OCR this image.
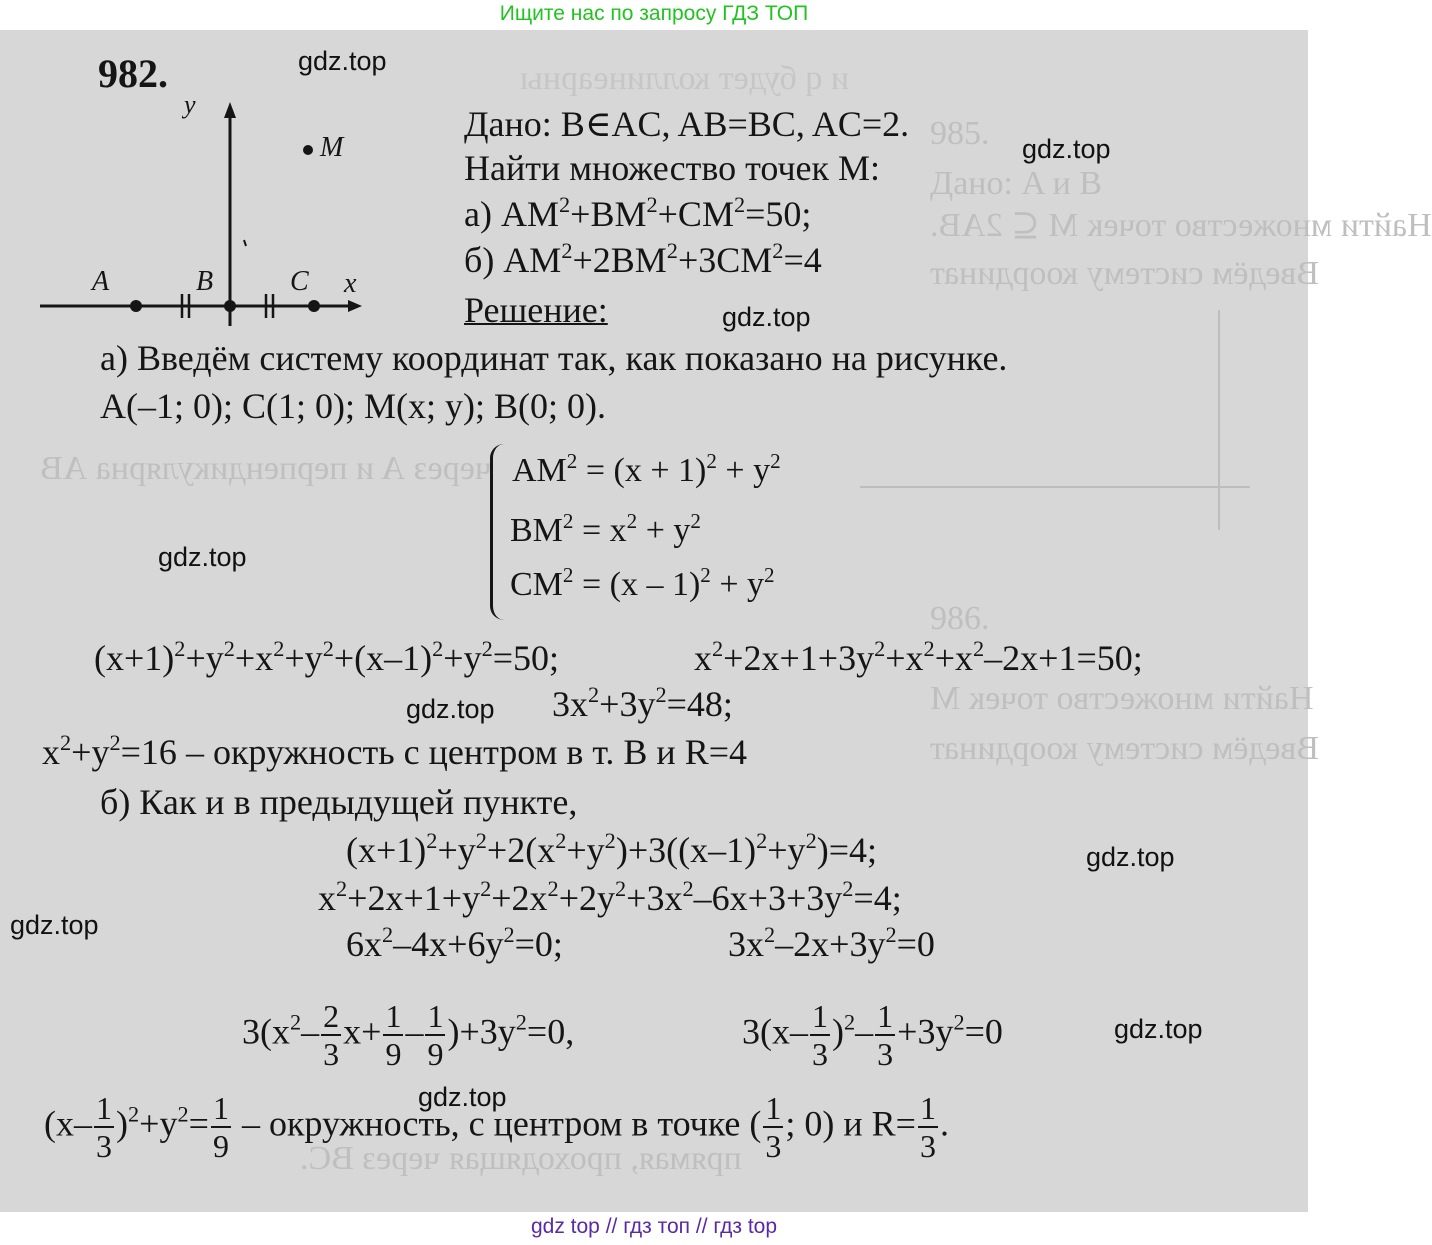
Ищите нас по запросу ГДЗ ТОП
и q будет коллинеарны
985.
Дано: A и B
Найти множество точек M ⊆ 2AB.
Введём систему координат
через A и перпендикулярна AB
986.
Найти множество точек M
Введём систему координат
прямая, проходящая через BC.
982.
y
x
A	B	C
M
Дано: B∈AC, AB=BC, AC=2.
Найти множество точек М:
а) $AM^2+BM^2+CM^2=50$;
б) $AM^2+2BM^2+3CM^2=4$
Решение:
а) Введём систему координат так, как показано на рисунке.
A(–1; 0); C(1; 0); M(x; y); B(0; 0).
$AM^2 = (x + 1)^2 + y^2$
$BM^2 = x^2 + y^2$
$CM^2 = (x - 1)^2 + y^2$
$(x+1)^2+y^2+x^2+y^2+(x-1)^2+y^2=50$;	$x^2+2x+1+3y^2+x^2+x^2-2x+1=50$;
$3x^2+3y^2=48$;
$x^2+y^2=16$ – окружность с центром в т. В и R=4
б) Как и в предыдущей пункте,
$(x+1)^2+y^2+2(x^2+y^2)+3((x-1)^2+y^2)=4$;
$x^2+2x+1+y^2+2x^2+2y^2+3x^2-6x+3+3y^2=4$;
$6x^2-4x+6y^2=0$;	$3x^2-2x+3y^2=0$
$3(x^2- \frac{2}{3} x+ \frac{1}{9} - \frac{1}{9} )+3y^2=0$,	$3(x- \frac{1}{3} )^2- \frac{1}{3} +3y^2=0$
$(x- \frac{1}{3} )^2+y^2= \frac{1}{9}$ – окружность, с центром в точке ( $\frac{1}{3}$ ; 0) и $R= \frac{1}{3}$ .
gdz.top
gdz.top
gdz.top
gdz.top
gdz.top
gdz.top
gdz.top
gdz.top
gdz.top
gdz top // гдз топ // гдз top
